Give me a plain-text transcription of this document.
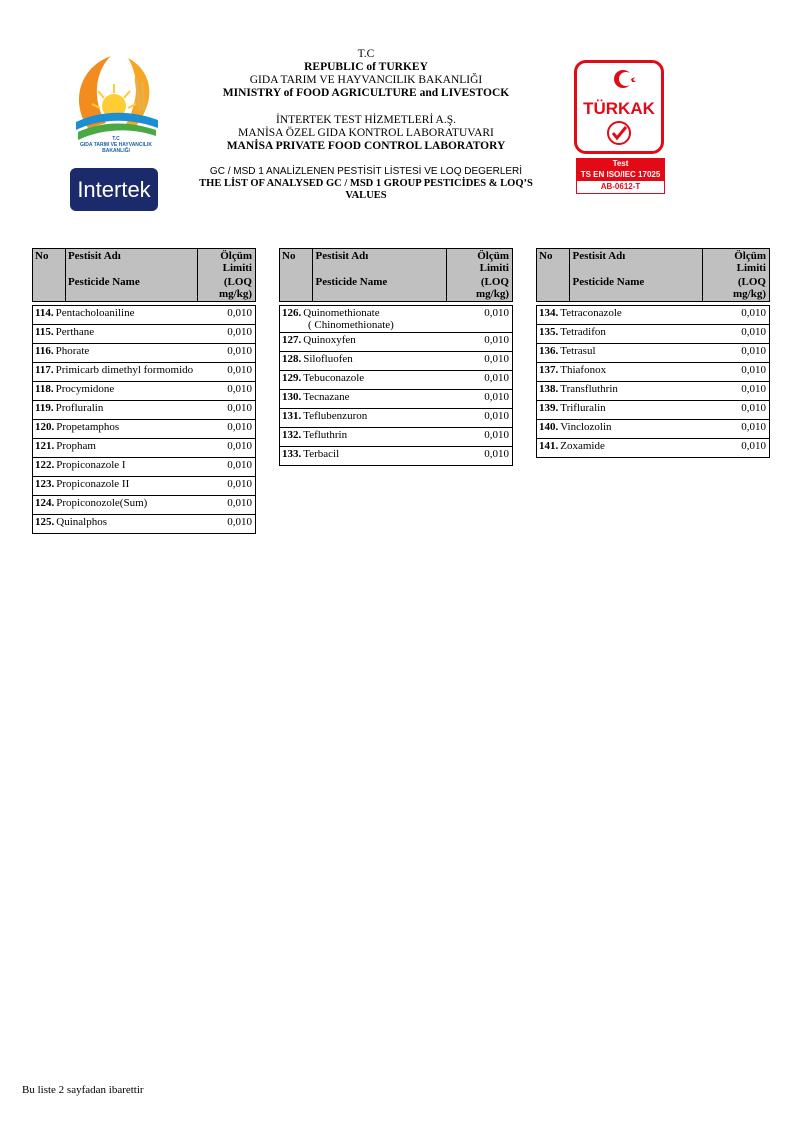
T.C
GIDA TARIM VE HAYVANCILIK
BAKANLIĞI
Intertek
T.C
REPUBLIC of TURKEY
GIDA TARIM VE HAYVANCILIK BAKANLIĞI
MINISTRY of FOOD AGRICULTURE and LIVESTOCK
İNTERTEK TEST HİZMETLERİ A.Ş.
MANİSA ÖZEL GIDA KONTROL LABORATUVARI
MANİSA PRIVATE FOOD CONTROL LABORATORY
GC / MSD 1 ANALİZLENEN PESTİSİT LİSTESİ VE LOQ DEGERLERİ
THE LİST OF ANALYSED GC / MSD 1 GROUP PESTICİDES & LOQ’S VALUES
TÜRKAK
Test
TS EN ISO/IEC 17025
AB-0612-T
No	Pestisit Adı	Ölçüm Limiti
	Pesticide Name	(LOQ mg/kg)

114. Pentacholoaniline		0,010
115. Perthane		0,010
116. Phorate		0,010
117. Primicarb dimethyl formomido		0,010
118. Procymidone		0,010
119. Profluralin		0,010
120. Propetamphos		0,010
121. Propham		0,010
122. Propiconazole I		0,010
123. Propiconazole II		0,010
124. Propiconozole(Sum)		0,010
125. Quinalphos		0,010
No	Pestisit Adı	Ölçüm Limiti
	Pesticide Name	(LOQ mg/kg)

126. Quinomethionate
( Chinomethionate)		0,010
127. Quinoxyfen		0,010
128. Silofluofen		0,010
129. Tebuconazole		0,010
130. Tecnazane		0,010
131. Teflubenzuron		0,010
132. Tefluthrin		0,010
133. Terbacil		0,010
No	Pestisit Adı	Ölçüm Limiti
	Pesticide Name	(LOQ mg/kg)

134. Tetraconazole		0,010
135. Tetradifon		0,010
136. Tetrasul		0,010
137. Thiafonox		0,010
138. Transfluthrin		0,010
139. Trifluralin		0,010
140. Vinclozolin		0,010
141. Zoxamide		0,010
Bu liste 2 sayfadan ibarettir
